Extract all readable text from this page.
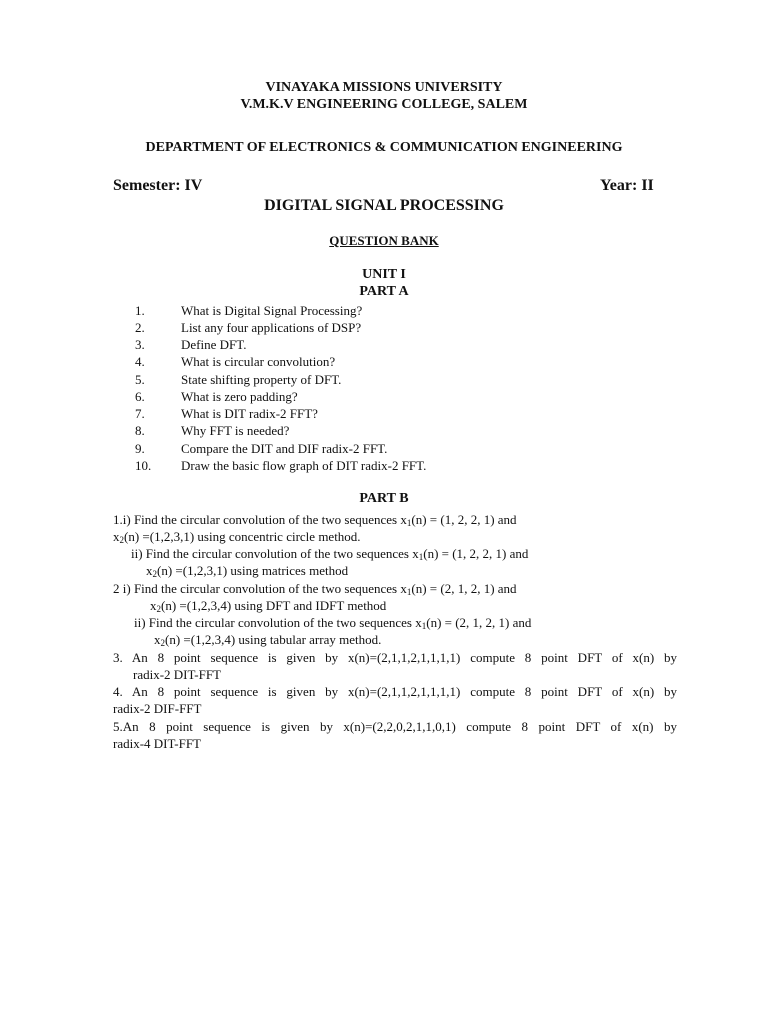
VINAYAKA MISSIONS UNIVERSITY
V.M.K.V ENGINEERING COLLEGE, SALEM
DEPARTMENT OF ELECTRONICS & COMMUNICATION ENGINEERING
Semester: IV	Year: II
DIGITAL SIGNAL PROCESSING
QUESTION BANK
UNIT I
PART A
1.	What is Digital Signal Processing?
2.	List any four applications of DSP?
3.	Define DFT.
4.	What is circular convolution?
5.	State shifting property of DFT.
6.	What is zero padding?
7.	What is DIT radix-2 FFT?
8.	Why FFT is needed?
9.	Compare the DIT and DIF radix-2 FFT.
10. Draw the basic flow graph of DIT radix-2 FFT.
PART B
1.i) Find the circular convolution of the two sequences $x_1(n) = (1$, 2, 2, 1) and
$x_2(n) =(1,2,3,1)$ using concentric circle method.
ii) Find the circular convolution of the two sequences $x_1(n) = (1$, 2, 2, 1) and
$x_2(n) =(1,2,3,1)$ using matrices method
2 i) Find the circular convolution of the two sequences $x_1(n) = (2$, 1, 2, 1) and
$x_2(n) =(1,2,3,4)$ using DFT and IDFT method
ii) Find the circular convolution of the two sequences $x_1(n) = (2$, 1, 2, 1) and
$x_2(n) =(1,2,3,4)$ using tabular array method.
3. An 8 point sequence is given by x(n)=(2,1,1,2,1,1,1,1) compute 8 point DFT of x(n) by
radix-2 DIT-FFT
4. An 8 point sequence is given by x(n)=(2,1,1,2,1,1,1,1) compute 8 point DFT of x(n) by
radix-2 DIF-FFT
5.An 8 point sequence is given by x(n)=(2,2,0,2,1,1,0,1) compute 8 point DFT of x(n) by
radix-4 DIT-FFT
